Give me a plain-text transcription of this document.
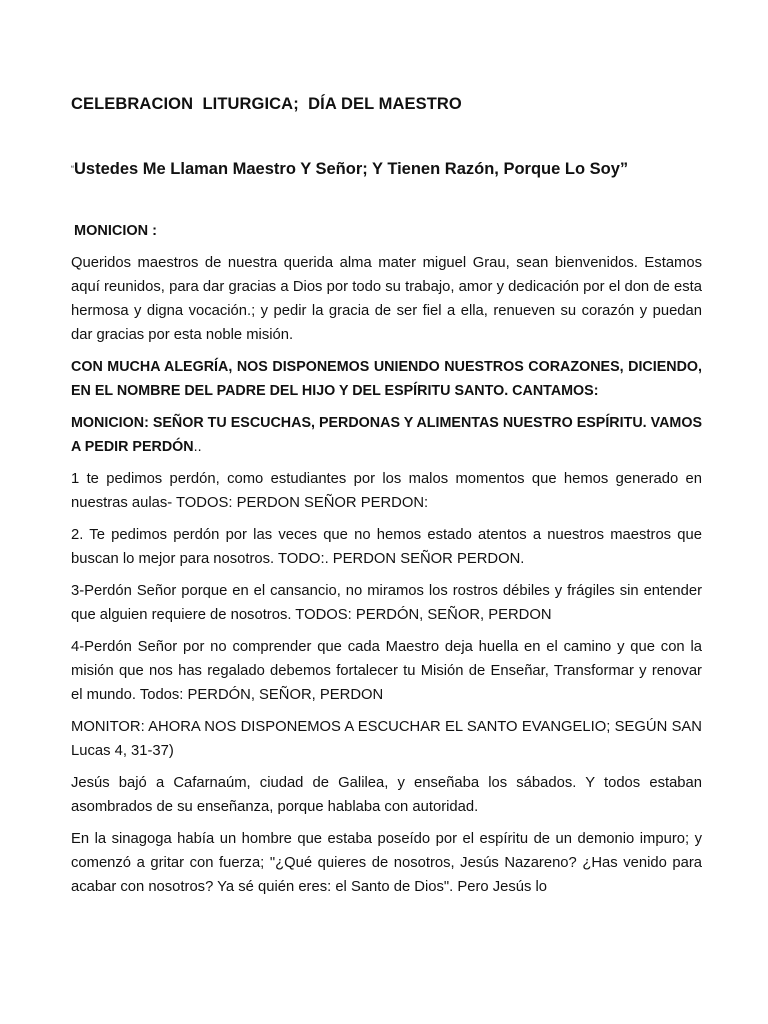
CELEBRACION  LITURGICA;  DÍA DEL MAESTRO
“Ustedes Me Llaman Maestro Y Señor; Y Tienen Razón, Porque Lo Soy”
MONICION :

Queridos maestros de nuestra querida alma mater miguel Grau, sean bienvenidos. Estamos aquí reunidos, para dar gracias a Dios por todo su trabajo, amor y dedicación por el don de esta hermosa y digna vocación.; y pedir la gracia de ser fiel a ella, renueven su corazón y puedan dar gracias por esta noble misión.

CON MUCHA ALEGRÍA, NOS DISPONEMOS UNIENDO NUESTROS CORAZONES, DICIENDO, EN EL NOMBRE DEL PADRE DEL HIJO Y DEL ESPÍRITU SANTO. CANTAMOS:

MONICION: SEÑOR TU ESCUCHAS, PERDONAS Y ALIMENTAS NUESTRO ESPÍRITU. VAMOS A PEDIR PERDÓN..

1 te pedimos perdón, como estudiantes por los malos momentos que hemos generado en nuestras aulas- TODOS: PERDON SEÑOR PERDON:

2. Te pedimos perdón por las veces que no hemos estado atentos a nuestros maestros que buscan lo mejor para nosotros. TODO:. PERDON SEÑOR PERDON.

3-Perdón Señor porque en el cansancio, no miramos los rostros débiles y frágiles sin entender que alguien requiere de nosotros. TODOS: PERDÓN, SEÑOR, PERDON

4-Perdón Señor por no comprender que cada Maestro deja huella en el camino y que con la misión que nos has regalado debemos fortalecer tu Misión de Enseñar, Transformar y renovar el mundo. Todos: PERDÓN, SEÑOR, PERDON

MONITOR: AHORA NOS DISPONEMOS A ESCUCHAR EL SANTO EVANGELIO; SEGÚN SAN Lucas 4, 31-37)

Jesús bajó a Cafarnaúm, ciudad de Galilea, y enseñaba los sábados. Y todos estaban asombrados de su enseñanza, porque hablaba con autoridad.

En la sinagoga había un hombre que estaba poseído por el espíritu de un demonio impuro; y comenzó a gritar con fuerza; "¿Qué quieres de nosotros, Jesús Nazareno? ¿Has venido para acabar con nosotros? Ya sé quién eres: el Santo de Dios". Pero Jesús lo
